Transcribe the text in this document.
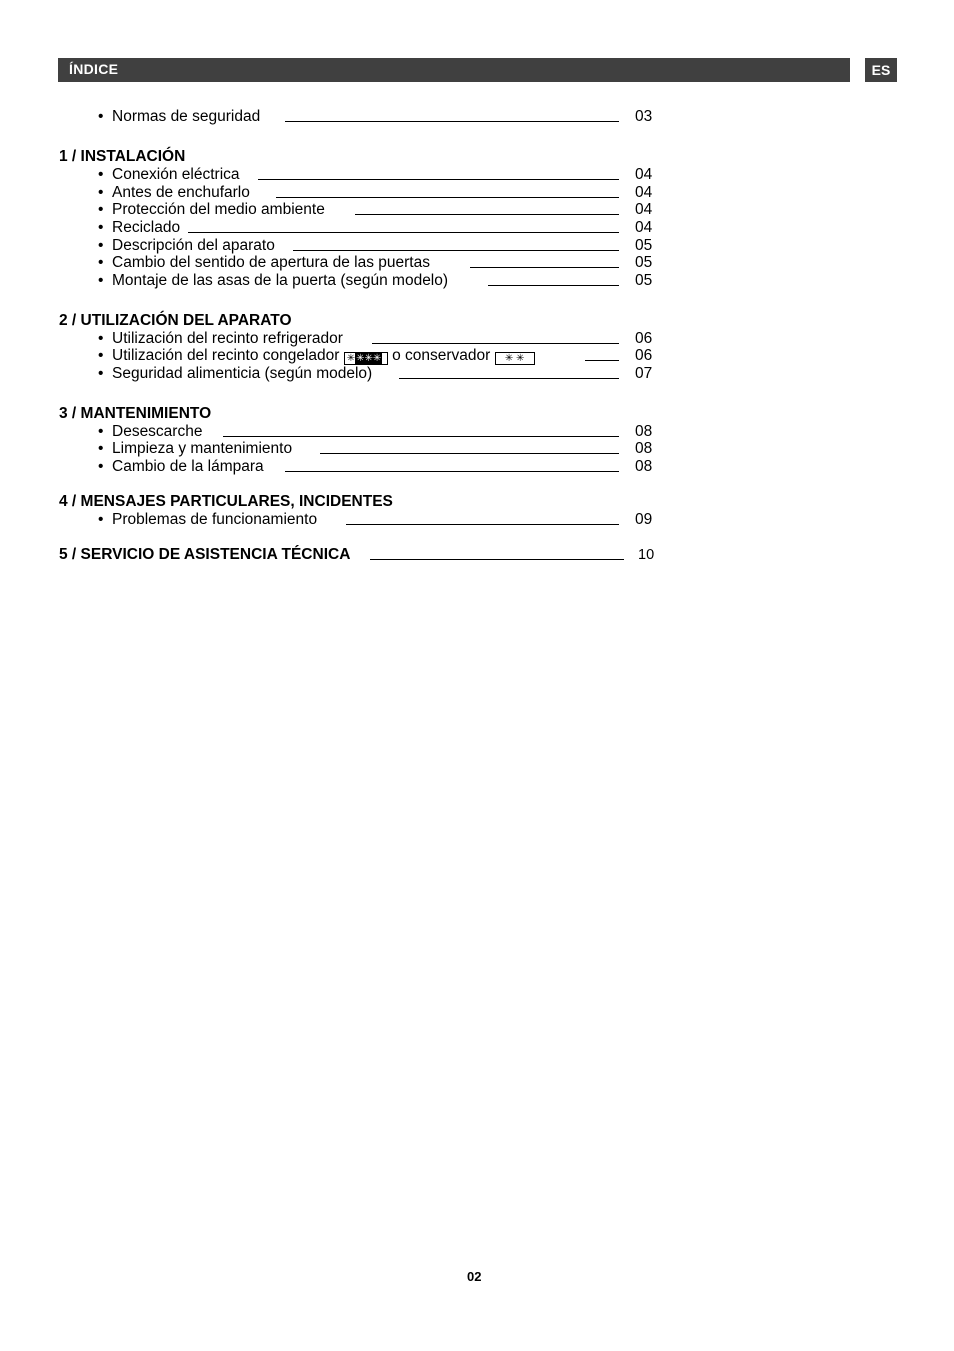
ÍNDICE	ES
• Normas de seguridad	03
1 / INSTALACIÓN
• Conexión eléctrica	04
• Antes de enchufarlo	04
• Protección del medio ambiente	04
• Reciclado	04
• Descripción del aparato	05
• Cambio del sentido de apertura de las puertas	05
• Montaje de las asas de la puerta (según modelo)	05
2 / UTILIZACIÓN DEL APARATO
• Utilización del recinto refrigerador	06
• Utilización del recinto congelador ✳✳✳✳ o conservador ✳ ✳	06
• Seguridad alimenticia (según modelo)	07
3 / MANTENIMIENTO
• Desescarche	08
• Limpieza y mantenimiento	08
• Cambio de la lámpara	08
4 / MENSAJES PARTICULARES, INCIDENTES
• Problemas de funcionamiento	09
5 / SERVICIO DE ASISTENCIA TÉCNICA	10
02
